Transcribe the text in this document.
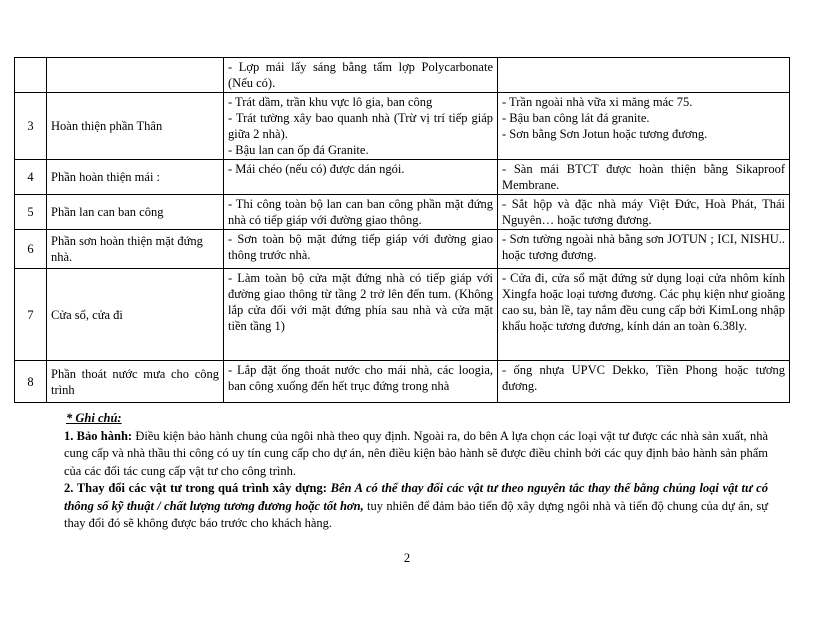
		- Lợp mái lấy sáng bằng tấm lợp Polycarbonate (Nếu có).	

3	Hoàn thiện phần Thân	- Trát dầm, trần khu vực lô gia, ban công
- Trát tường xây bao quanh nhà (Trừ vị trí tiếp giáp giữa 2 nhà).
- Bậu lan can ốp đá Granite.	- Trần ngoài nhà vữa xi măng mác 75.
- Bậu ban công lát đá granite.
- Sơn bằng Sơn Jotun hoặc tương đương.

4	Phần hoàn thiện mái :	- Mái chéo (nếu có) được dán ngói.	- Sàn mái BTCT được hoàn thiện bằng Sikaproof Membrane.

5	Phần lan can ban công	- Thi công toàn bộ lan can ban công phần mặt đứng nhà có tiếp giáp với đường giao thông.	- Sắt hộp và đặc nhà máy Việt Đức, Hoà Phát, Thái Nguyên… hoặc tương đương.

6	Phần sơn hoàn thiện mặt đứng nhà.	- Sơn toàn bộ mặt đứng tiếp giáp với đường giao thông trước nhà.	- Sơn tường ngoài nhà bằng sơn JOTUN ; ICI, NISHU.. hoặc tương đương.

7	Cửa sổ, cửa đi	- Làm toàn bộ cửa mặt đứng nhà có tiếp giáp với đường giao thông từ tầng 2 trở lên đến tum. (Không lắp cửa đối với mặt đứng phía sau nhà và cửa mặt tiền tầng 1)	- Cửa đi, cửa sổ mặt đứng sử dụng loại cửa nhôm kính Xingfa hoặc loại tương đương. Các phụ kiện như gioăng cao su, bản lề, tay nắm đều cung cấp bởi KimLong nhập khẩu hoặc tương đương, kính dán an toàn 6.38ly.

8	Phần thoát nước mưa cho công trình	- Lắp đặt ống thoát nước cho mái nhà, các loogia, ban công xuống đến hết trục đứng trong nhà	- ống nhựa UPVC Dekko, Tiền Phong hoặc tương đương.
* Ghi chú:

1. Bảo hành: Điều kiện bảo hành chung của ngôi nhà theo quy định. Ngoài ra, do bên A lựa chọn các loại vật tư được các nhà sản xuất, nhà cung cấp và nhà thầu thi công có uy tín cung cấp cho dự án, nên điều kiện bảo hành sẽ được điều chỉnh bởi các quy định bảo hành sản phẩm của các đối tác cung cấp vật tư cho công trình.

2. Thay đổi các vật tư trong quá trình xây dựng: Bên A có thể thay đổi các vật tư theo nguyên tắc thay thế bằng chủng loại vật tư có thông số kỹ thuật / chất lượng tương đương hoặc tốt hơn, tuy nhiên để đảm bảo tiến độ xây dựng ngôi nhà và tiến độ chung của dự án, sự thay đổi đó sẽ không được báo trước cho khách hàng.

2
